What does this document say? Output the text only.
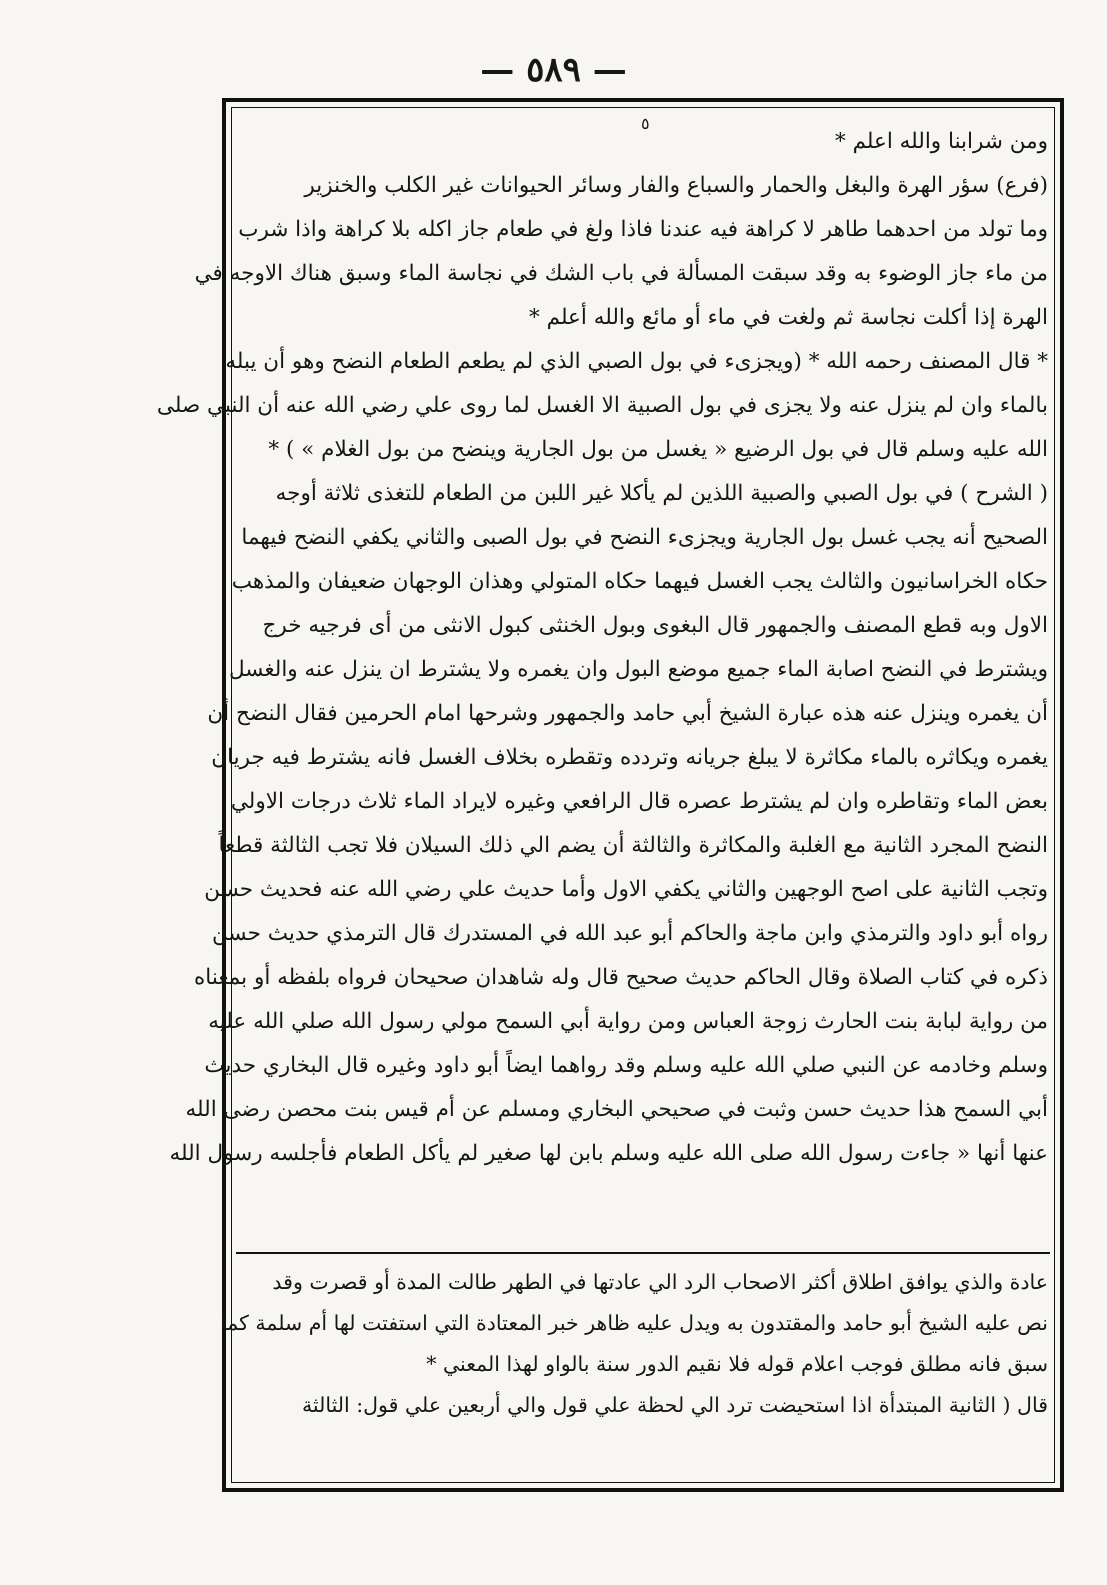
— ٥٨٩ —
٥
ومن شرابنا والله اعلم *
(فرع) سؤر الهرة والبغل والحمار والسباع والفار وسائر الحيوانات غير الكلب والخنزير
وما تولد من احدهما طاهر لا كراهة فيه عندنا فاذا ولغ في طعام جاز اكله بلا كراهة واذا شرب
من ماء جاز الوضوء به وقد سبقت المسألة في باب الشك في نجاسة الماء وسبق هناك الاوجه في
الهرة إذا أكلت نجاسة ثم ولغت في ماء أو مائع والله أعلم *
* قال المصنف رحمه الله * (ويجزىء في بول الصبي الذي لم يطعم الطعام النضح وهو أن يبله
بالماء وان لم ينزل عنه ولا يجزى في بول الصبية الا الغسل لما روى علي رضي الله عنه أن النبي صلى
الله عليه وسلم قال في بول الرضيع « يغسل من بول الجارية وينضح من بول الغلام » ) *
( الشرح ) في بول الصبي والصبية اللذين لم يأكلا غير اللبن من الطعام للتغذى ثلاثة أوجه
الصحيح أنه يجب غسل بول الجارية ويجزىء النضح في بول الصبى والثاني يكفي النضح فيهما
حكاه الخراسانيون والثالث يجب الغسل فيهما حكاه المتولي وهذان الوجهان ضعيفان والمذهب
الاول وبه قطع المصنف والجمهور قال البغوى وبول الخنثى كبول الانثى من أى فرجيه خرج
ويشترط في النضح اصابة الماء جميع موضع البول وان يغمره ولا يشترط ان ينزل عنه والغسل
أن يغمره وينزل عنه هذه عبارة الشيخ أبي حامد والجمهور وشرحها امام الحرمين فقال النضح أن
يغمره ويكاثره بالماء مكاثرة لا يبلغ جريانه وتردده وتقطره بخلاف الغسل فانه يشترط فيه جريان
بعض الماء وتقاطره وان لم يشترط عصره قال الرافعي وغيره لايراد الماء ثلاث درجات الاولي
النضح المجرد الثانية مع الغلبة والمكاثرة والثالثة أن يضم الي ذلك السيلان فلا تجب الثالثة قطعاً
وتجب الثانية على اصح الوجهين والثاني يكفي الاول وأما حديث علي رضي الله عنه فحديث حسن
رواه أبو داود والترمذي وابن ماجة والحاكم أبو عبد الله في المستدرك قال الترمذي حديث حسن
ذكره في كتاب الصلاة وقال الحاكم حديث صحيح قال وله شاهدان صحيحان فرواه بلفظه أو بمعناه
من رواية لبابة بنت الحارث زوجة العباس ومن رواية أبي السمح مولي رسول الله صلي الله عليه
وسلم وخادمه عن النبي صلي الله عليه وسلم وقد رواهما ايضاً أبو داود وغيره قال البخاري حديث
أبي السمح هذا حديث حسن وثبت في صحيحي البخاري ومسلم عن أم قيس بنت محصن رضى الله
عنها أنها « جاءت رسول الله صلى الله عليه وسلم بابن لها صغير لم يأكل الطعام فأجلسه رسول الله
عادة والذي يوافق اطلاق أكثر الاصحاب الرد الي عادتها في الطهر طالت المدة أو قصرت وقد
نص عليه الشيخ أبو حامد والمقتدون به ويدل عليه ظاهر خبر المعتادة التي استفتت لها أم سلمة كما
سبق فانه مطلق فوجب اعلام قوله فلا نقيم الدور سنة بالواو لهذا المعني *
قال ( الثانية المبتدأة اذا استحيضت ترد الي لحظة علي قول والي أربعين علي قول: الثالثة
